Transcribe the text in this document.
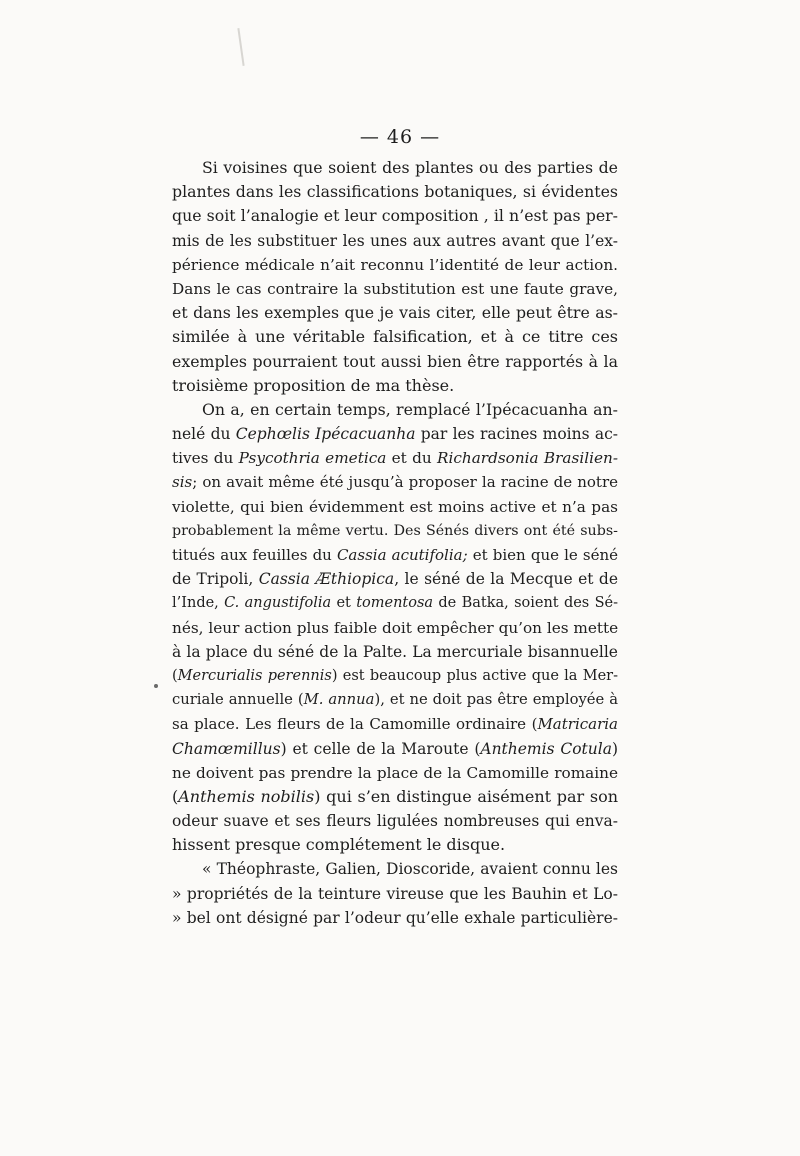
— 46 —
Si voisines que soient des plantes ou des parties de
plantes dans les classifications botaniques, si évidentes
que soit l’analogie et leur composition , il n’est pas per-
mis de les substituer les unes aux autres avant que l’ex-
périence médicale n’ait reconnu l’identité de leur action.
Dans le cas contraire la substitution est une faute grave,
et dans les exemples que je vais citer, elle peut être as-
similée à une véritable falsification, et à ce titre ces
exemples pourraient tout aussi bien être rapportés à la
troisième proposition de ma thèse.
On a, en certain temps, remplacé l’Ipécacuanha an-
nelé du Cephœlis Ipécacuanha par les racines moins ac-
tives du Psycothria emetica et du Richardsonia Brasilien-
sis; on avait même été jusqu’à proposer la racine de notre
violette, qui bien évidemment est moins active et n’a pas
probablement la même vertu. Des Sénés divers ont été subs-
titués aux feuilles du Cassia acutifolia; et bien que le séné
de Tripoli, Cassia Æthiopica, le séné de la Mecque et de
l’Inde, C. angustifolia et tomentosa de Batka, soient des Sé-
nés, leur action plus faible doit empêcher qu’on les mette
à la place du séné de la Palte. La mercuriale bisannuelle
(Mercurialis perennis) est beaucoup plus active que la Mer-
curiale annuelle (M. annua), et ne doit pas être employée à
sa place. Les fleurs de la Camomille ordinaire (Matricaria
Chamœmillus) et celle de la Maroute (Anthemis Cotula)
ne doivent pas prendre la place de la Camomille romaine
(Anthemis nobilis) qui s’en distingue aisément par son
odeur suave et ses fleurs ligulées nombreuses qui enva-
hissent presque complétement le disque.
« Théophraste, Galien, Dioscoride, avaient connu les
» propriétés de la teinture vireuse que les Bauhin et Lo-
» bel ont désigné par l’odeur qu’elle exhale particulière-
